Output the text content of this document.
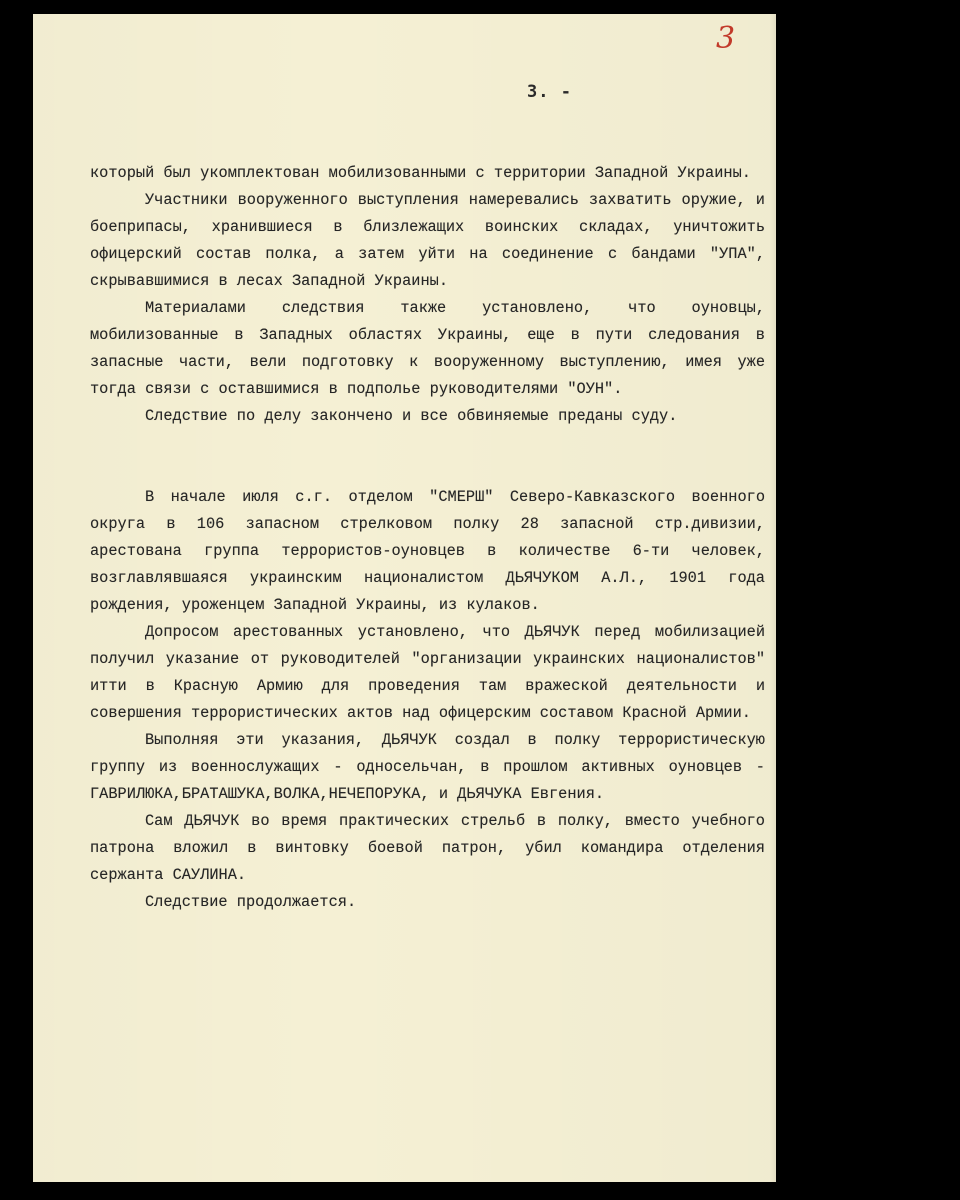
3
3. -

который был укомплектован мобилизованными с территории Западной Украины.

Участники вооруженного выступления намеревались захватить оружие, и боеприпасы, хранившиеся в близлежащих воинских складах, уничтожить офицерский состав полка, а затем уйти на соединение с бандами "УПА", скрывавшимися в лесах Западной Украины.

Материалами следствия также установлено, что оуновцы, мобилизованные в Западных областях Украины, еще в пути следования в запасные части, вели подготовку к вооруженному выступлению, имея уже тогда связи с оставшимися в подполье руководителями "ОУН".

Следствие по делу закончено и все обвиняемые преданы суду.

В начале июля с.г. отделом "СМЕРШ" Северо-Кавказского военного округа в 106 запасном стрелковом полку 28 запасной стр.дивизии, арестована группа террористов-оуновцев в количестве 6-ти человек, возглавлявшаяся украинским националистом ДЬЯЧУКОМ А.Л., 1901 года рождения, уроженцем Западной Украины, из кулаков.

Допросом арестованных установлено, что ДЬЯЧУК перед мобилизацией получил указание от руководителей "организации украинских националистов" итти в Красную Армию для проведения там вражеской деятельности и совершения террористических актов над офицерским составом Красной Армии.

Выполняя эти указания, ДЬЯЧУК создал в полку террористическую группу из военнослужащих - односельчан, в прошлом активных оуновцев - ГАВРИЛЮКА,БРАТАШУКА,ВОЛКА,НЕЧЕПОРУКА, и ДЬЯЧУКА Евгения.

Сам ДЬЯЧУК во время практических стрельб в полку, вместо учебного патрона вложил в винтовку боевой патрон, убил командира отделения сержанта САУЛИНА.

Следствие продолжается.
